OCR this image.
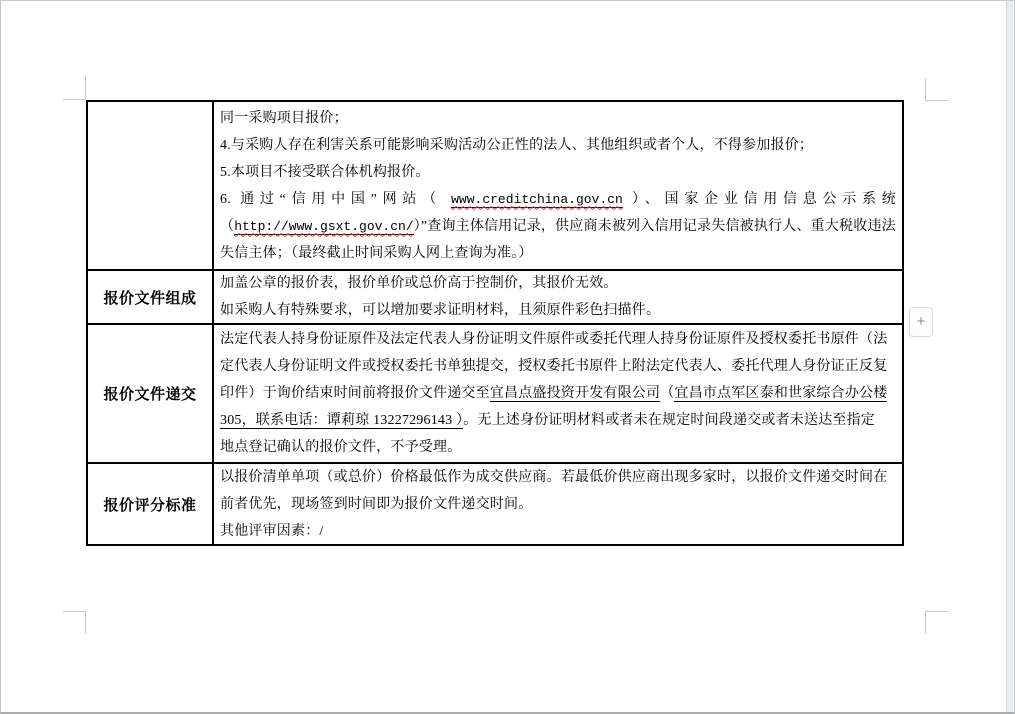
同一采购项目报价；
4.与采购人存在利害关系可能影响采购活动公正性的法人、其他组织或者个人，不得参加报价；
5.本项目不接受联合体机构报价。
6. 通过“信用中国”网站（ www.creditchina.gov.cn ）、国家企业信用信息公示系统
（http://www.gsxt.gov.cn/）”查询主体信用记录，供应商未被列入信用记录失信被执行人、重大税收违法
失信主体；（最终截止时间采购人网上查询为准。）
报价文件组成
加盖公章的报价表，报价单价或总价高于控制价，其报价无效。
如采购人有特殊要求，可以增加要求证明材料，且须原件彩色扫描件。
报价文件递交
法定代表人持身份证原件及法定代表人身份证明文件原件或委托代理人持身份证原件及授权委托书原件（法
定代表人身份证明文件或授权委托书单独提交，授权委托书原件上附法定代表人、委托代理人身份证正反复
印件）于询价结束时间前将报价文件递交至宜昌点盛投资开发有限公司（宜昌市点军区泰和世家综合办公楼
305，联系电话：谭莉琼 13227296143 ）。无上述身份证明材料或者未在规定时间段递交或者未送达至指定
地点登记确认的报价文件，不予受理。
报价评分标准
以报价清单单项（或总价）价格最低作为成交供应商。若最低价供应商出现多家时，以报价文件递交时间在
前者优先，现场签到时间即为报价文件递交时间。
其他评审因素：/
+
